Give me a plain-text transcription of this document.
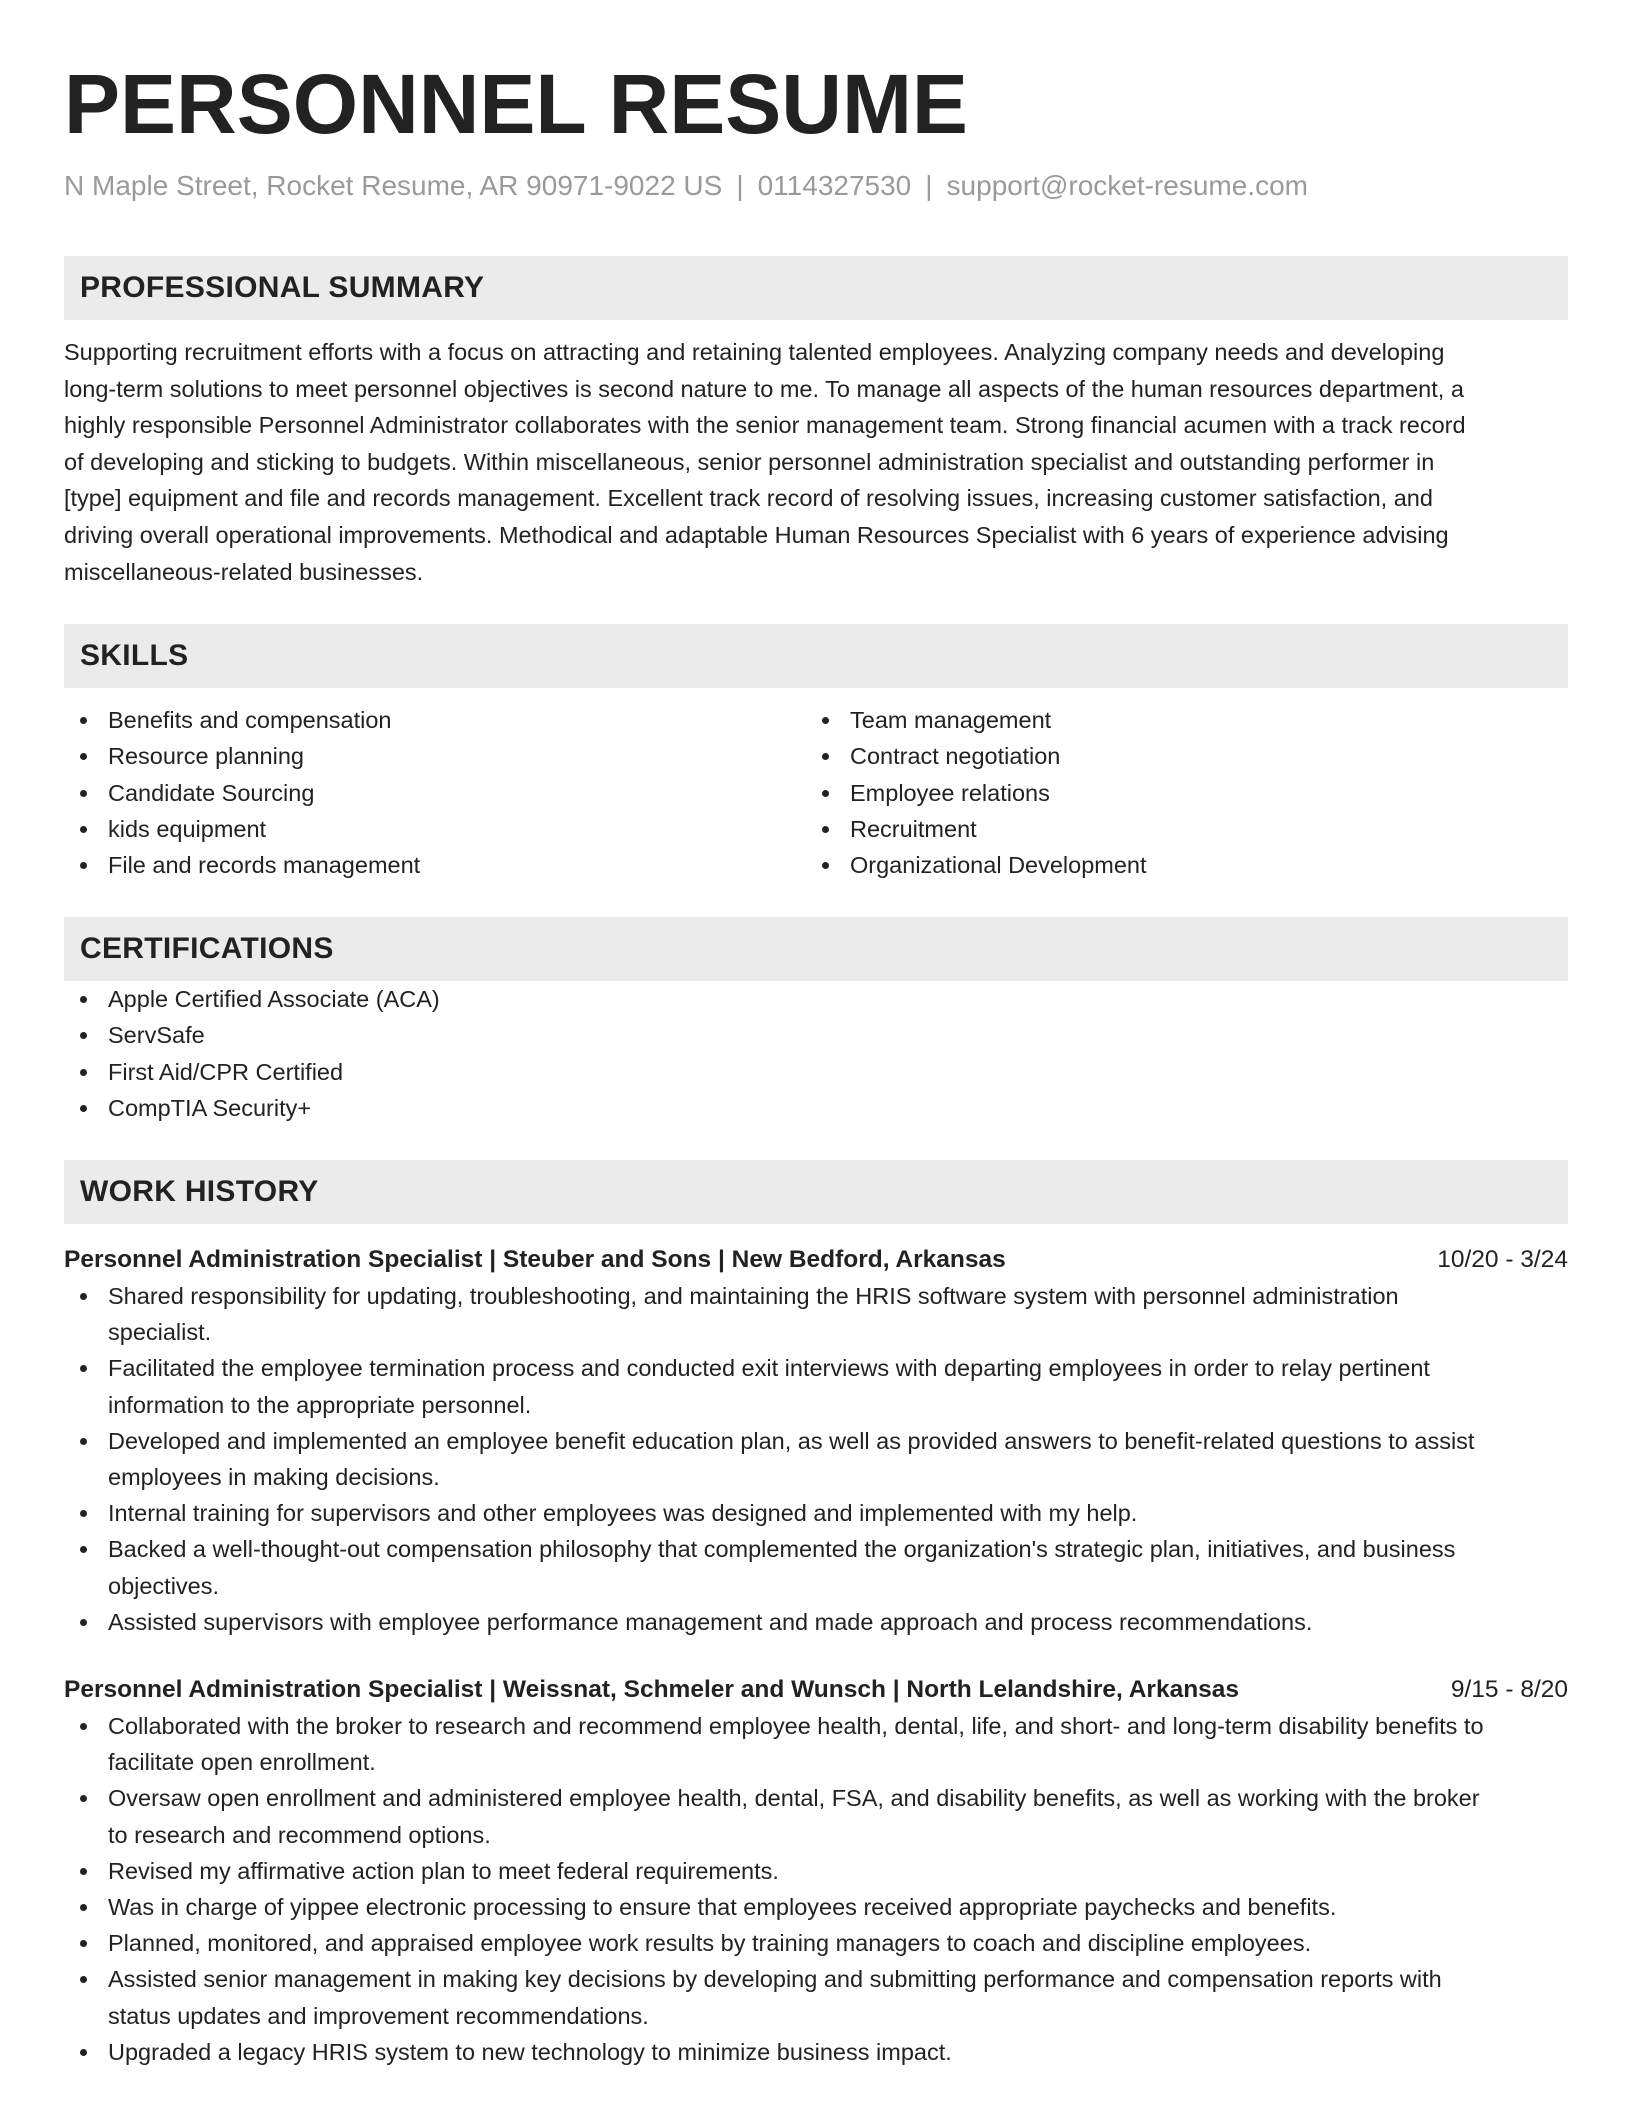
PERSONNEL RESUME
N Maple Street, Rocket Resume, AR 90971-9022 US | 0114327530 | support@rocket-resume.com
PROFESSIONAL SUMMARY
Supporting recruitment efforts with a focus on attracting and retaining talented employees. Analyzing company needs and developing
long-term solutions to meet personnel objectives is second nature to me. To manage all aspects of the human resources department, a
highly responsible Personnel Administrator collaborates with the senior management team. Strong financial acumen with a track record
of developing and sticking to budgets. Within miscellaneous, senior personnel administration specialist and outstanding performer in
[type] equipment and file and records management. Excellent track record of resolving issues, increasing customer satisfaction, and
driving overall operational improvements. Methodical and adaptable Human Resources Specialist with 6 years of experience advising
miscellaneous-related businesses.
SKILLS
Benefits and compensation
Resource planning
Candidate Sourcing
kids equipment
File and records management
Team management
Contract negotiation
Employee relations
Recruitment
Organizational Development
CERTIFICATIONS
Apple Certified Associate (ACA)
ServSafe
First Aid/CPR Certified
CompTIA Security+
WORK HISTORY
Personnel Administration Specialist | Steuber and Sons | New Bedford, Arkansas	10/20 - 3/24
Shared responsibility for updating, troubleshooting, and maintaining the HRIS software system with personnel administration
specialist.
Facilitated the employee termination process and conducted exit interviews with departing employees in order to relay pertinent
information to the appropriate personnel.
Developed and implemented an employee benefit education plan, as well as provided answers to benefit-related questions to assist
employees in making decisions.
Internal training for supervisors and other employees was designed and implemented with my help.
Backed a well-thought-out compensation philosophy that complemented the organization's strategic plan, initiatives, and business
objectives.
Assisted supervisors with employee performance management and made approach and process recommendations.
Personnel Administration Specialist | Weissnat, Schmeler and Wunsch | North Lelandshire, Arkansas	9/15 - 8/20
Collaborated with the broker to research and recommend employee health, dental, life, and short- and long-term disability benefits to
facilitate open enrollment.
Oversaw open enrollment and administered employee health, dental, FSA, and disability benefits, as well as working with the broker
to research and recommend options.
Revised my affirmative action plan to meet federal requirements.
Was in charge of yippee electronic processing to ensure that employees received appropriate paychecks and benefits.
Planned, monitored, and appraised employee work results by training managers to coach and discipline employees.
Assisted senior management in making key decisions by developing and submitting performance and compensation reports with
status updates and improvement recommendations.
Upgraded a legacy HRIS system to new technology to minimize business impact.
